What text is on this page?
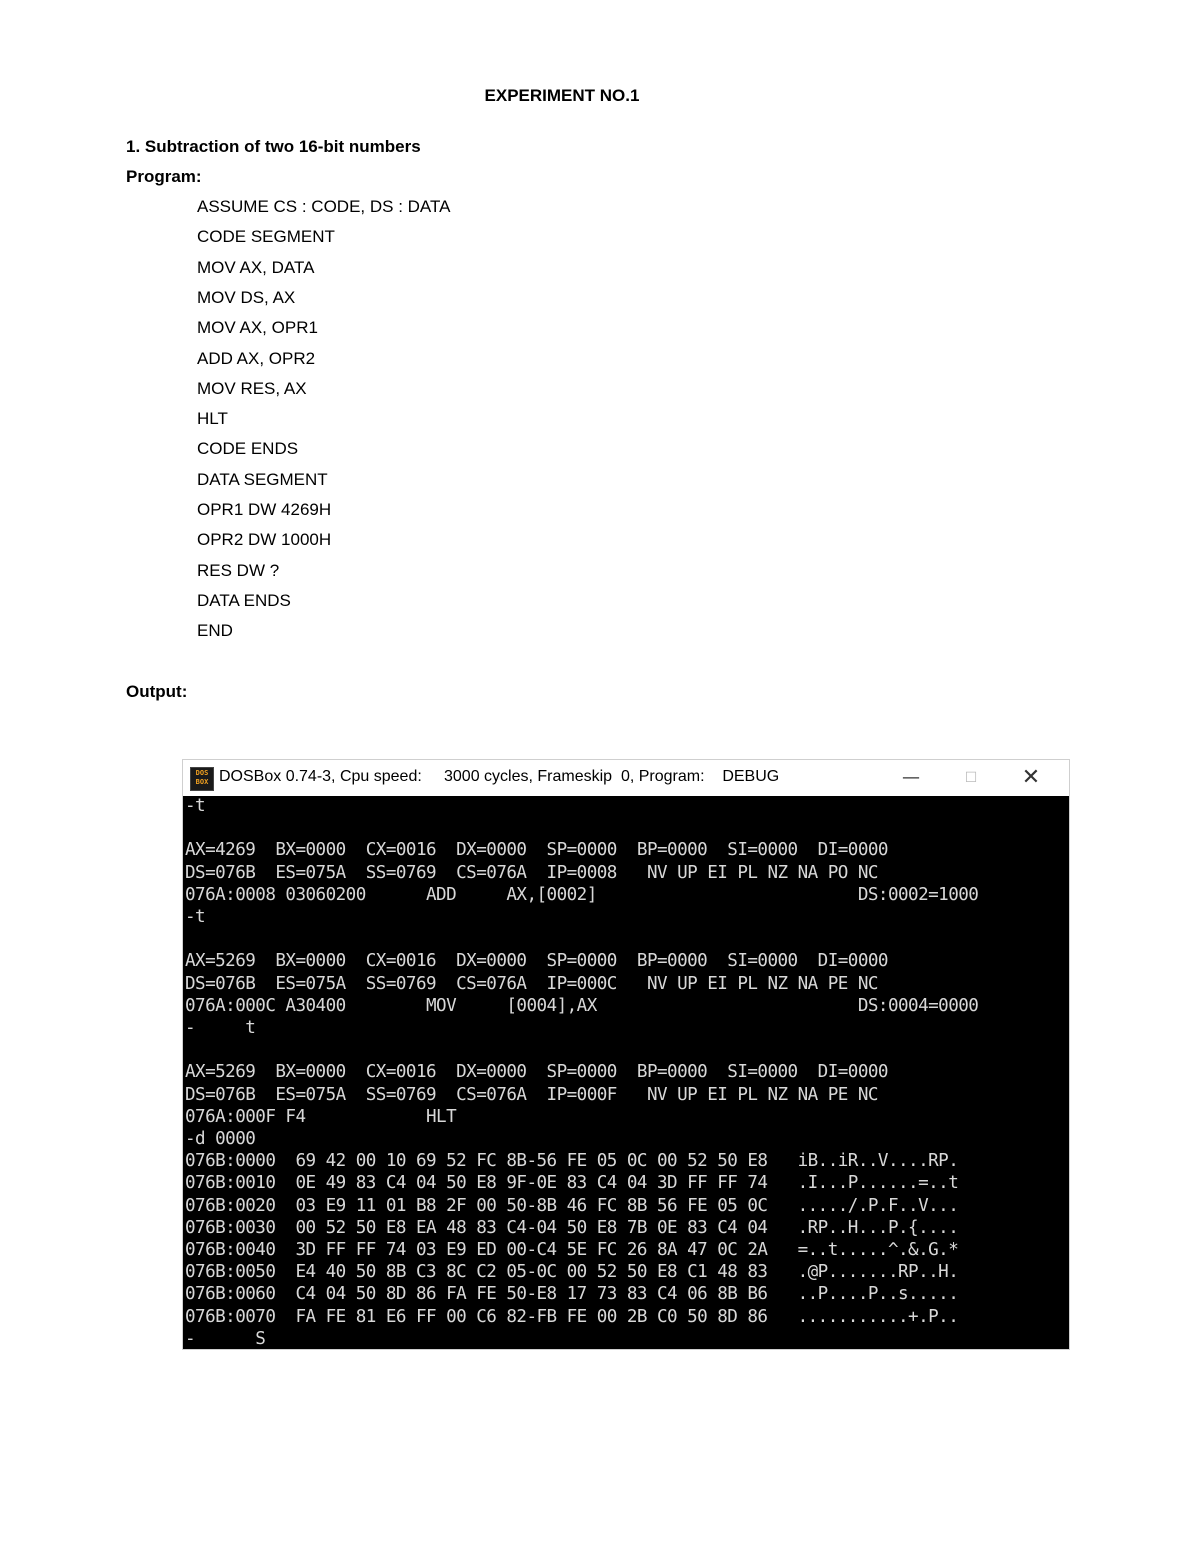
EXPERIMENT NO.1
1. Subtraction of two 16-bit numbers
Program:
ASSUME CS : CODE, DS : DATA
CODE SEGMENT
MOV AX, DATA
MOV DS, AX
MOV AX, OPR1
ADD AX, OPR2
MOV RES, AX
HLT
CODE ENDS
DATA SEGMENT
OPR1 DW 4269H
OPR2 DW 1000H
RES DW ?
DATA ENDS
END
Output:
DOS
BOX DOSBox 0.74-3, Cpu speed:     3000 cycles, Frameskip  0, Program:    DEBUG	—	☐	✕
-t
AX=4269  BX=0000  CX=0016  DX=0000  SP=0000  BP=0000  SI=0000  DI=0000
DS=076B  ES=075A  SS=0769  CS=076A  IP=0008   NV UP EI PL NZ NA PO NC
076A:0008 03060200      ADD     AX,[0002]                          DS:0002=1000
-t
AX=5269  BX=0000  CX=0016  DX=0000  SP=0000  BP=0000  SI=0000  DI=0000
DS=076B  ES=075A  SS=0769  CS=076A  IP=000C   NV UP EI PL NZ NA PE NC
076A:000C A30400        MOV     [0004],AX                          DS:0004=0000
-     t
AX=5269  BX=0000  CX=0016  DX=0000  SP=0000  BP=0000  SI=0000  DI=0000
DS=076B  ES=075A  SS=0769  CS=076A  IP=000F   NV UP EI PL NZ NA PE NC
076A:000F F4            HLT
-d 0000
076B:0000  69 42 00 10 69 52 FC 8B-56 FE 05 0C 00 52 50 E8   iB..iR..V....RP.
076B:0010  0E 49 83 C4 04 50 E8 9F-0E 83 C4 04 3D FF FF 74   .I...P......=..t
076B:0020  03 E9 11 01 B8 2F 00 50-8B 46 FC 8B 56 FE 05 0C   ...../.P.F..V...
076B:0030  00 52 50 E8 EA 48 83 C4-04 50 E8 7B 0E 83 C4 04   .RP..H...P.{....
076B:0040  3D FF FF 74 03 E9 ED 00-C4 5E FC 26 8A 47 0C 2A   =..t.....^.&.G.*
076B:0050  E4 40 50 8B C3 8C C2 05-0C 00 52 50 E8 C1 48 83   .@P.......RP..H.
076B:0060  C4 04 50 8D 86 FA FE 50-E8 17 73 83 C4 06 8B B6   ..P....P..s.....
076B:0070  FA FE 81 E6 FF 00 C6 82-FB FE 00 2B C0 50 8D 86   ...........+.P..
-      S
